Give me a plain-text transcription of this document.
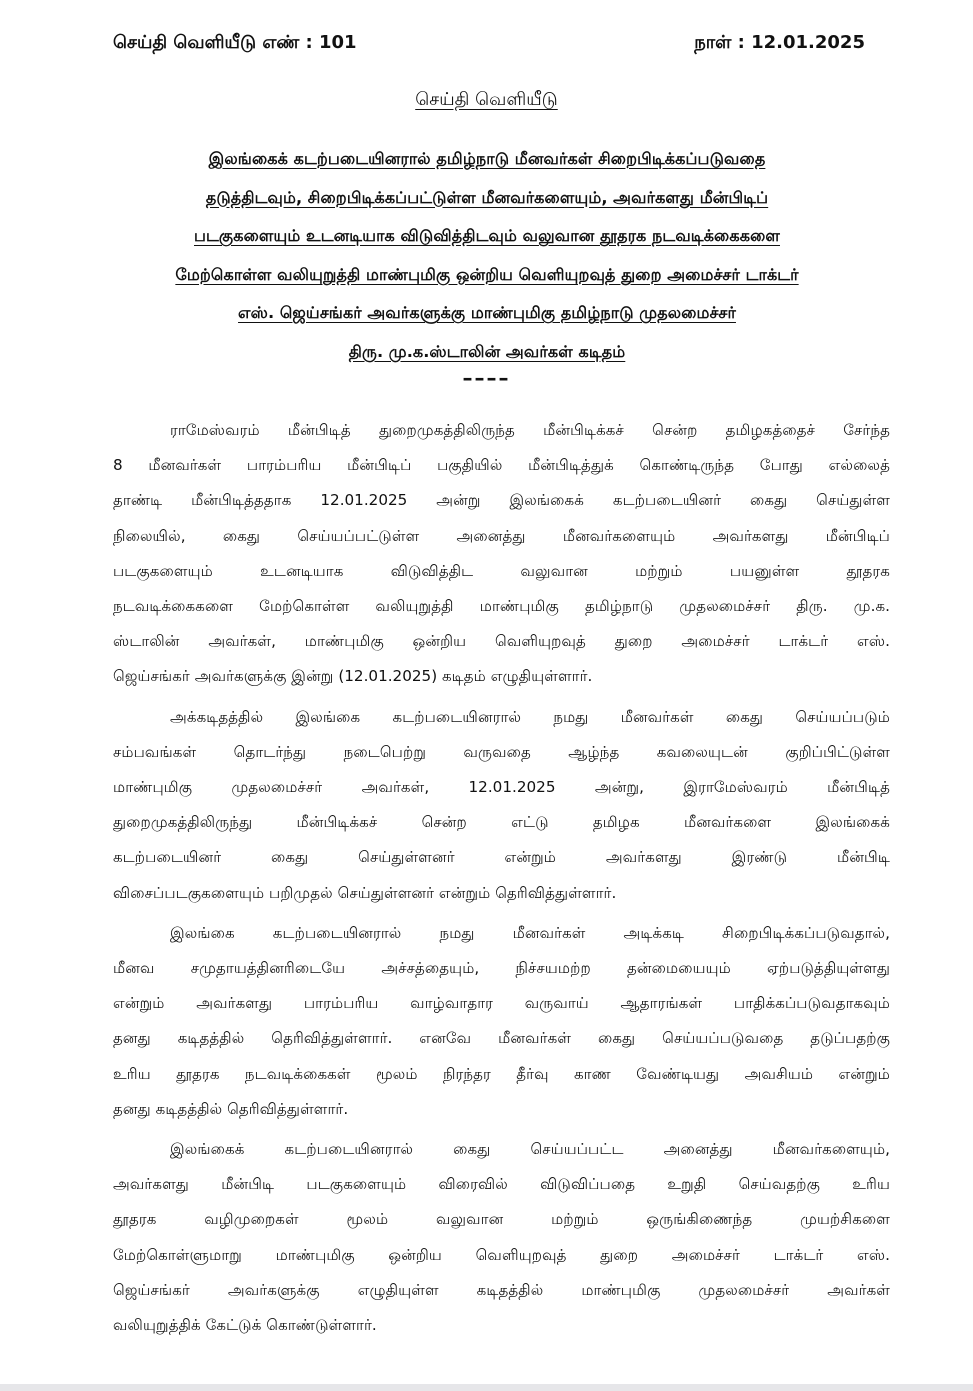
செய்தி வெளியீடு எண் : 101	நாள் : 12.01.2025
செய்தி வெளியீடு
இலங்கைக் கடற்படையினரால் தமிழ்நாடு மீனவர்கள் சிறைபிடிக்கப்படுவதை
தடுத்திடவும், சிறைபிடிக்கப்பட்டுள்ள மீனவர்களையும், அவர்களது மீன்பிடிப்
படகுகளையும் உடனடியாக விடுவித்திடவும் வலுவான தூதரக நடவடிக்கைகளை
மேற்கொள்ள வலியுறுத்தி மாண்புமிகு ஒன்றிய வெளியுறவுத் துறை அமைச்சர் டாக்டர்
எஸ். ஜெய்சங்கர் அவர்களுக்கு மாண்புமிகு தமிழ்நாடு முதலமைச்சர்
திரு. மு.க.ஸ்டாலின் அவர்கள் கடிதம்
––––
ராமேஸ்வரம் மீன்பிடித் துறைமுகத்திலிருந்த மீன்பிடிக்கச் சென்ற தமிழகத்தைச் சேர்ந்த
8 மீனவர்கள் பாரம்பரிய மீன்பிடிப் பகுதியில் மீன்பிடித்துக் கொண்டிருந்த போது எல்லைத்
தாண்டி மீன்பிடித்ததாக 12.01.2025 அன்று இலங்கைக் கடற்படையினர் கைது செய்துள்ள
நிலையில், கைது செய்யப்பட்டுள்ள அனைத்து மீனவர்களையும் அவர்களது மீன்பிடிப்
படகுகளையும் உடனடியாக விடுவித்திட வலுவான மற்றும் பயனுள்ள தூதரக
நடவடிக்கைகளை மேற்கொள்ள வலியுறுத்தி மாண்புமிகு தமிழ்நாடு முதலமைச்சர் திரு. மு.க.
ஸ்டாலின் அவர்கள், மாண்புமிகு ஒன்றிய வெளியுறவுத் துறை அமைச்சர் டாக்டர் எஸ்.
ஜெய்சங்கர் அவர்களுக்கு இன்று (12.01.2025) கடிதம் எழுதியுள்ளார்.
அக்கடிதத்தில் இலங்கை கடற்படையினரால் நமது மீனவர்கள் கைது செய்யப்படும்
சம்பவங்கள் தொடர்ந்து நடைபெற்று வருவதை ஆழ்ந்த கவலையுடன் குறிப்பிட்டுள்ள
மாண்புமிகு முதலமைச்சர் அவர்கள், 12.01.2025 அன்று, இராமேஸ்வரம் மீன்பிடித்
துறைமுகத்திலிருந்து மீன்பிடிக்கச் சென்ற எட்டு தமிழக மீனவர்களை இலங்கைக்
கடற்படையினர் கைது செய்துள்ளனர் என்றும் அவர்களது இரண்டு மீன்பிடி
விசைப்படகுகளையும் பறிமுதல் செய்துள்ளனர் என்றும் தெரிவித்துள்ளார்.
இலங்கை கடற்படையினரால் நமது மீனவர்கள் அடிக்கடி சிறைபிடிக்கப்படுவதால்,
மீனவ சமுதாயத்தினரிடையே அச்சத்தையும், நிச்சயமற்ற தன்மையையும் ஏற்படுத்தியுள்ளது
என்றும் அவர்களது பாரம்பரிய வாழ்வாதார வருவாய் ஆதாரங்கள் பாதிக்கப்படுவதாகவும்
தனது கடிதத்தில் தெரிவித்துள்ளார். எனவே மீனவர்கள் கைது செய்யப்படுவதை தடுப்பதற்கு
உரிய தூதரக நடவடிக்கைகள் மூலம் நிரந்தர தீர்வு காண வேண்டியது அவசியம் என்றும்
தனது கடிதத்தில் தெரிவித்துள்ளார்.
இலங்கைக் கடற்படையினரால் கைது செய்யப்பட்ட அனைத்து மீனவர்களையும்,
அவர்களது மீன்பிடி படகுகளையும் விரைவில் விடுவிப்பதை உறுதி செய்வதற்கு உரிய
தூதரக வழிமுறைகள் மூலம் வலுவான மற்றும் ஒருங்கிணைந்த முயற்சிகளை
மேற்கொள்ளுமாறு மாண்புமிகு ஒன்றிய வெளியுறவுத் துறை அமைச்சர் டாக்டர் எஸ்.
ஜெய்சங்கர் அவர்களுக்கு எழுதியுள்ள கடிதத்தில் மாண்புமிகு முதலமைச்சர் அவர்கள்
வலியுறுத்திக் கேட்டுக் கொண்டுள்ளார்.
